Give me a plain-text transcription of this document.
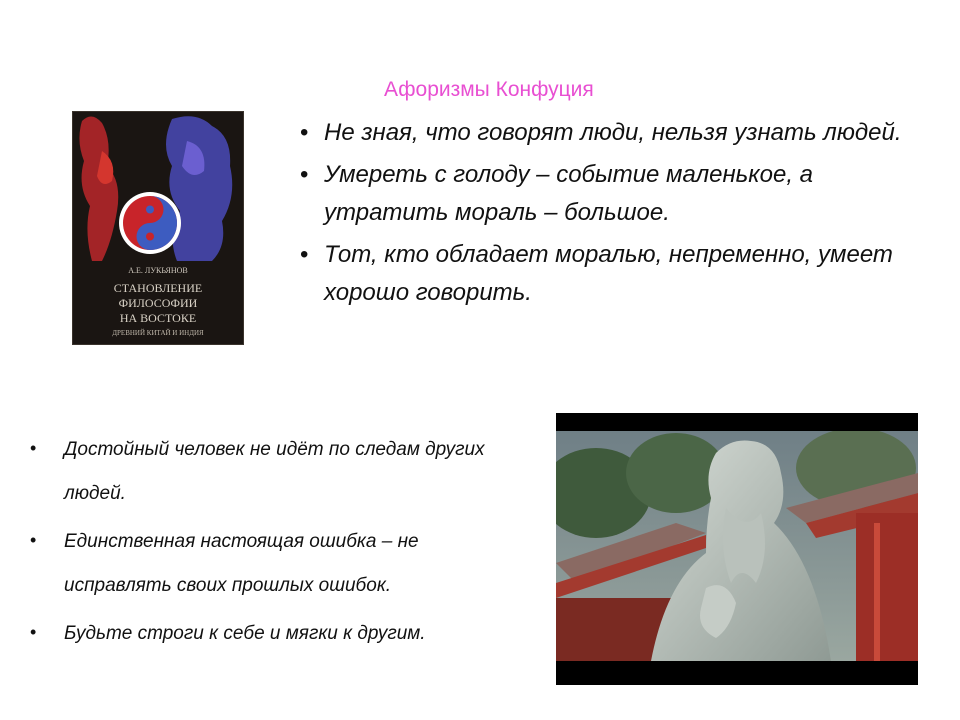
Афоризмы Конфуция
А.Е. ЛУКЬЯНОВ
СТАНОВЛЕНИЕ
ФИЛОСОФИИ
НА ВОСТОКЕ
ДРЕВНИЙ КИТАЙ И ИНДИЯ
• Не зная, что говорят люди, нельзя узнать людей.
• Умереть с голоду – событие маленькое, а утратить мораль – большое.
• Тот, кто обладает моралью, непременно, умеет хорошо говорить.
• Достойный человек не идёт по следам других людей.
• Единственная настоящая ошибка – не исправлять своих прошлых ошибок.
• Будьте строги к себе и мягки к другим.
